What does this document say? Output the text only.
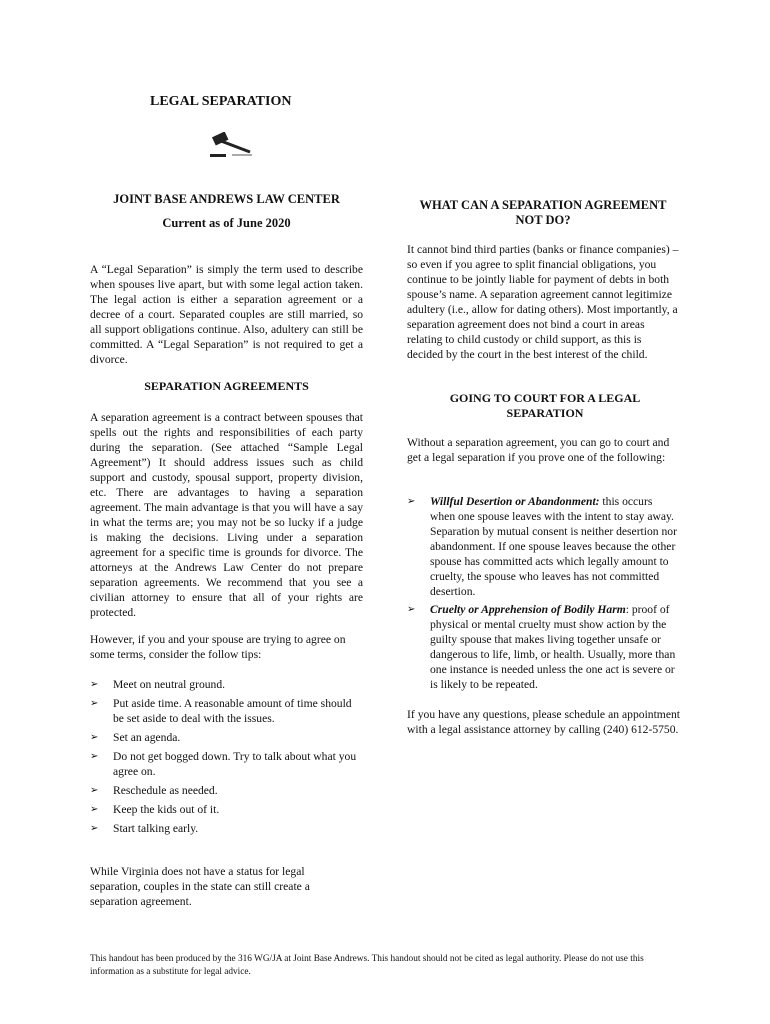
LEGAL SEPARATION
JOINT BASE ANDREWS LAW CENTER
Current as of June 2020
A “Legal Separation” is simply the term used to describe when spouses live apart, but with some legal action taken. The legal action is either a separation agreement or a decree of a court. Separated couples are still married, so all support obligations continue. Also, adultery can still be committed. A “Legal Separation” is not required to get a divorce.
SEPARATION AGREEMENTS
A separation agreement is a contract between spouses that spells out the rights and responsibilities of each party during the separation. (See attached “Sample Legal Agreement”) It should address issues such as child support and custody, spousal support, property division, etc. There are advantages to having a separation agreement. The main advantage is that you will have a say in what the terms are; you may not be so lucky if a judge is making the decisions. Living under a separation agreement for a specific time is grounds for divorce. The attorneys at the Andrews Law Center do not prepare separation agreements. We recommend that you see a civilian attorney to ensure that all of your rights are protected.
However, if you and your spouse are trying to agree on some terms, consider the follow tips:
➢ Meet on neutral ground.
➢ Put aside time. A reasonable amount of time should be set aside to deal with the issues.
➢ Set an agenda.
➢ Do not get bogged down. Try to talk about what you agree on.
➢ Reschedule as needed.
➢ Keep the kids out of it.
➢ Start talking early.
While Virginia does not have a status for legal separation, couples in the state can still create a separation agreement.
WHAT CAN A SEPARATION AGREEMENT NOT DO?
It cannot bind third parties (banks or finance companies) – so even if you agree to split financial obligations, you continue to be jointly liable for payment of debts in both spouse’s name. A separation agreement cannot legitimize adultery (i.e., allow for dating others). Most importantly, a separation agreement does not bind a court in areas relating to child custody or child support, as this is decided by the court in the best interest of the child.
GOING TO COURT FOR A LEGAL SEPARATION
Without a separation agreement, you can go to court and get a legal separation if you prove one of the following:
➢ Willful Desertion or Abandonment: this occurs when one spouse leaves with the intent to stay away. Separation by mutual consent is neither desertion nor abandonment. If one spouse leaves because the other spouse has committed acts which legally amount to cruelty, the spouse who leaves has not committed desertion.
➢ Cruelty or Apprehension of Bodily Harm: proof of physical or mental cruelty must show action by the guilty spouse that makes living together unsafe or dangerous to life, limb, or health. Usually, more than one instance is needed unless the one act is severe or is likely to be repeated.
If you have any questions, please schedule an appointment with a legal assistance attorney by calling (240) 612-5750.
This handout has been produced by the 316 WG/JA at Joint Base Andrews. This handout should not be cited as legal authority. Please do not use this information as a substitute for legal advice.
